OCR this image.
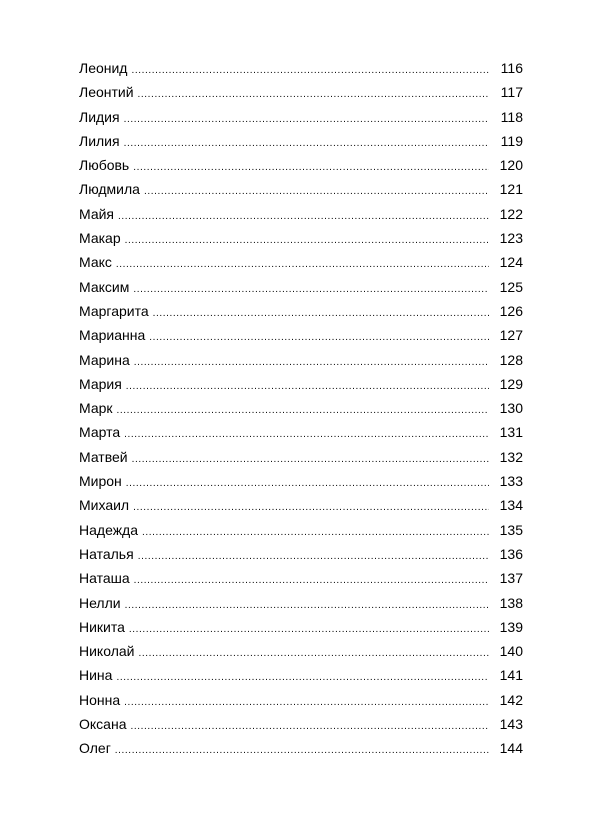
Леонид .....	116
Леонтий .....	117
Лидия .....	118
Лилия .....	119
Любовь .....	120
Людмила .....	121
Майя .....	122
Макар .....	123
Макс .....	124
Максим .....	125
Маргарита .....	126
Марианна .....	127
Марина .....	128
Мария .....	129
Марк .....	130
Марта .....	131
Матвей .....	132
Мирон .....	133
Михаил .....	134
Надежда .....	135
Наталья .....	136
Наташа .....	137
Нелли .....	138
Никита .....	139
Николай .....	140
Нина .....	141
Нонна .....	142
Оксана .....	143
Олег .....	144
